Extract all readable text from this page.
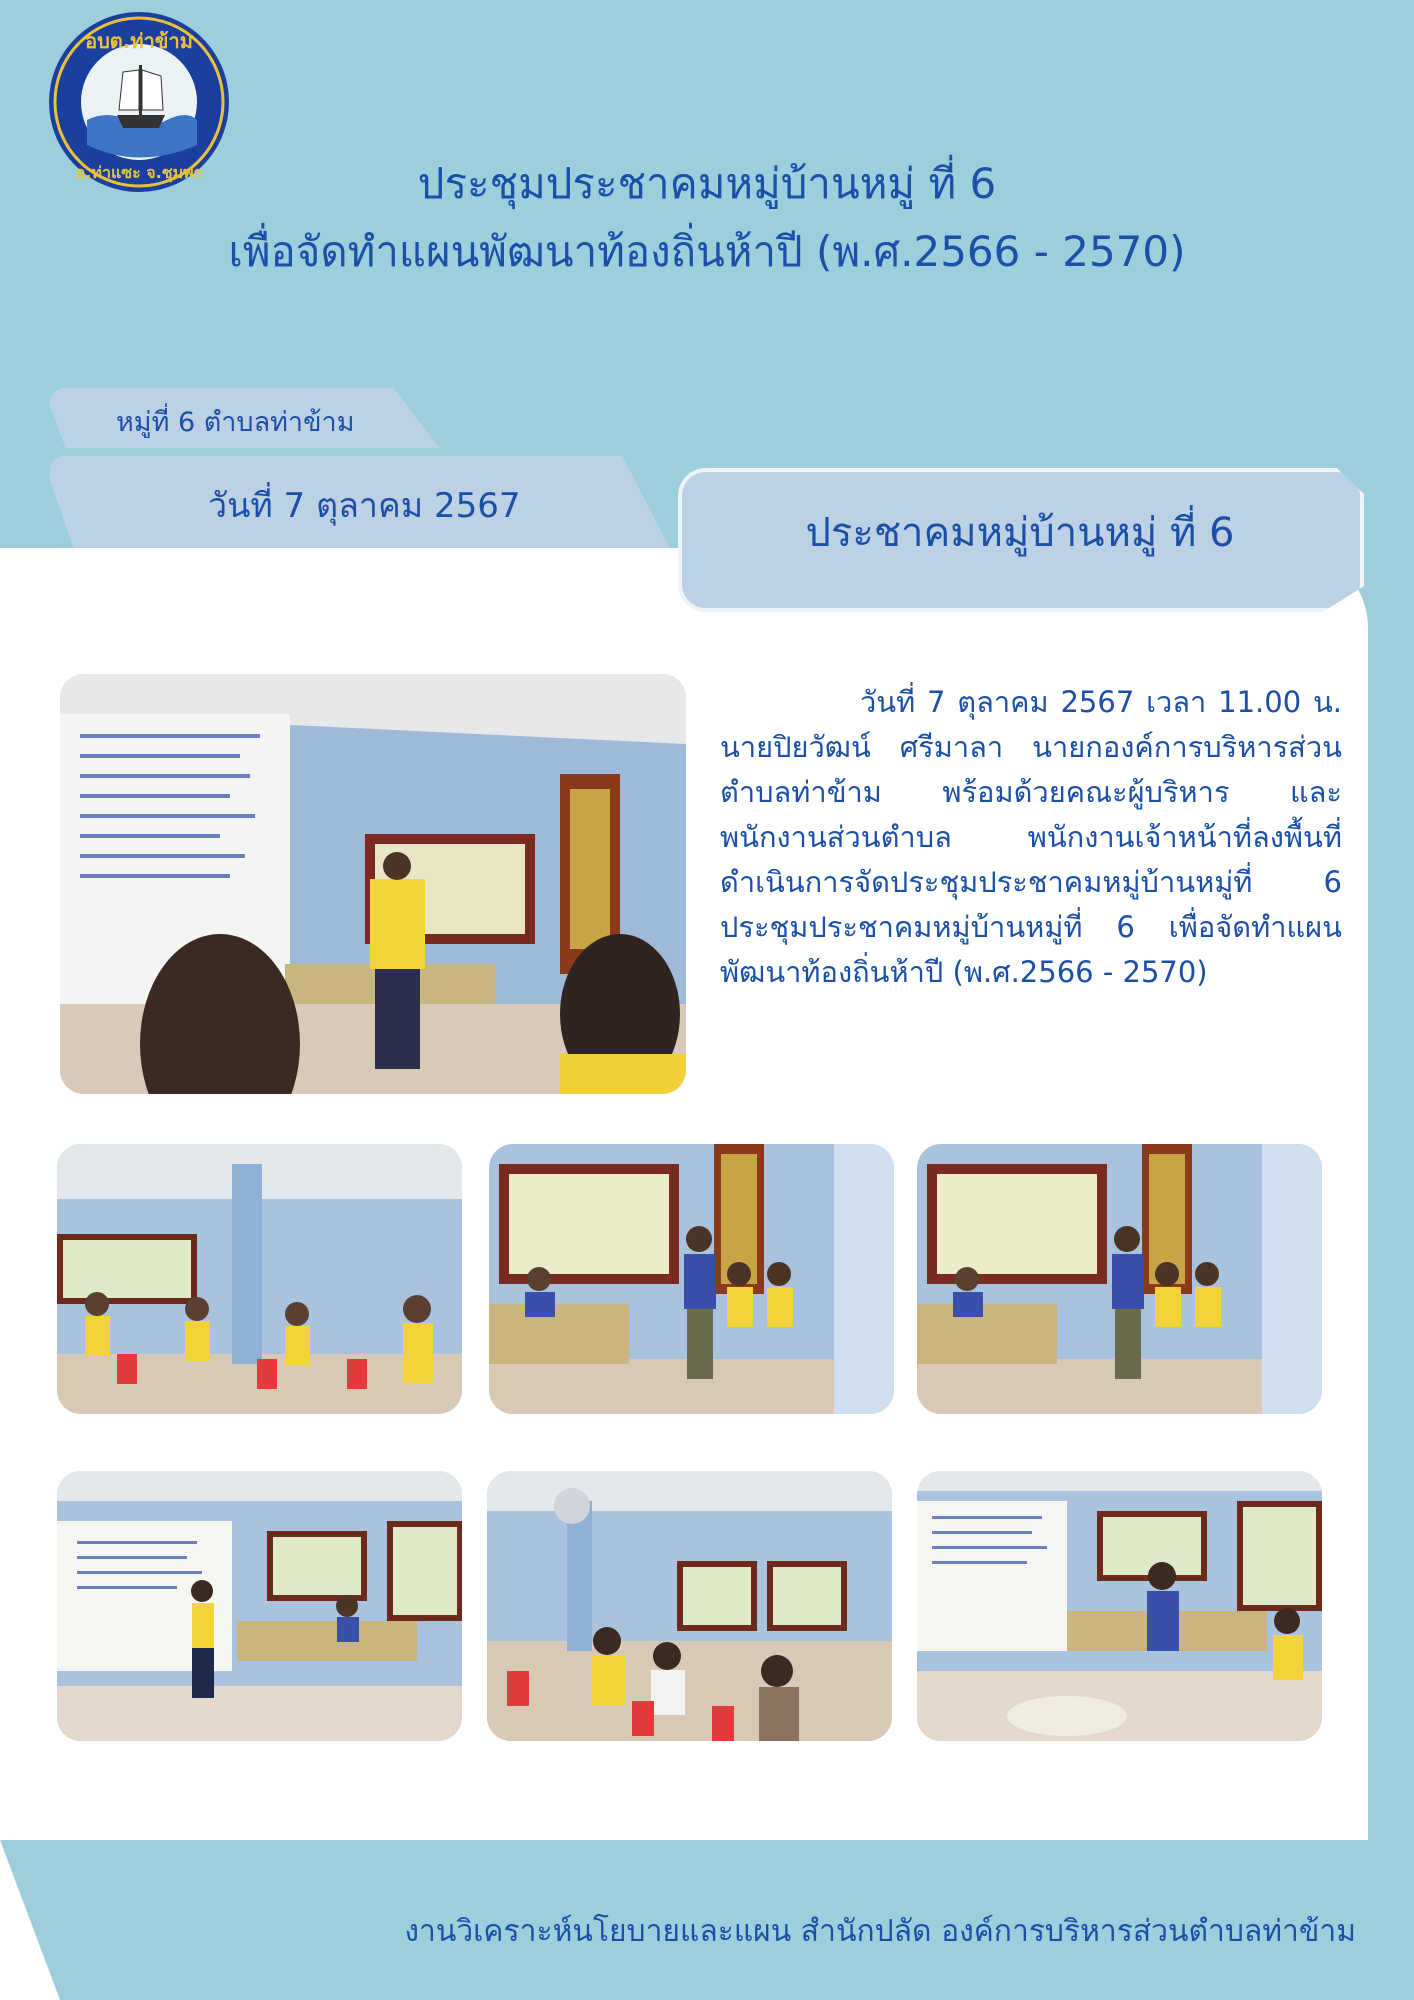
อบต.ท่าข้าม
อ.ท่าแซะ จ.ชุมพร	ประชุมประชาคมหมู่บ้านหมู่ ที่ 6
เพื่อจัดทำแผนพัฒนาท้องถิ่นห้าปี (พ.ศ.2566 - 2570)
หมู่ที่ 6 ตำบลท่าข้าม
วันที่ 7 ตุลาคม 2567
ประชาคมหมู่บ้านหมู่ ที่ 6
วันที่ 7 ตุลาคม 2567 เวลา 11.00 น. นายปิยวัฒน์ ศรีมาลา นายกองค์การบริหารส่วนตำบลท่าข้าม พร้อมด้วยคณะผู้บริหาร และพนักงานส่วนตำบล พนักงานเจ้าหน้าที่ลงพื้นที่ดำเนินการจัดประชุมประชาคมหมู่บ้านหมู่ที่ 6 ประชุมประชาคมหมู่บ้านหมู่ที่ 6 เพื่อจัดทำแผนพัฒนาท้องถิ่นห้าปี (พ.ศ.2566 - 2570)
งานวิเคราะห์นโยบายและแผน สำนักปลัด องค์การบริหารส่วนตำบลท่าข้าม
